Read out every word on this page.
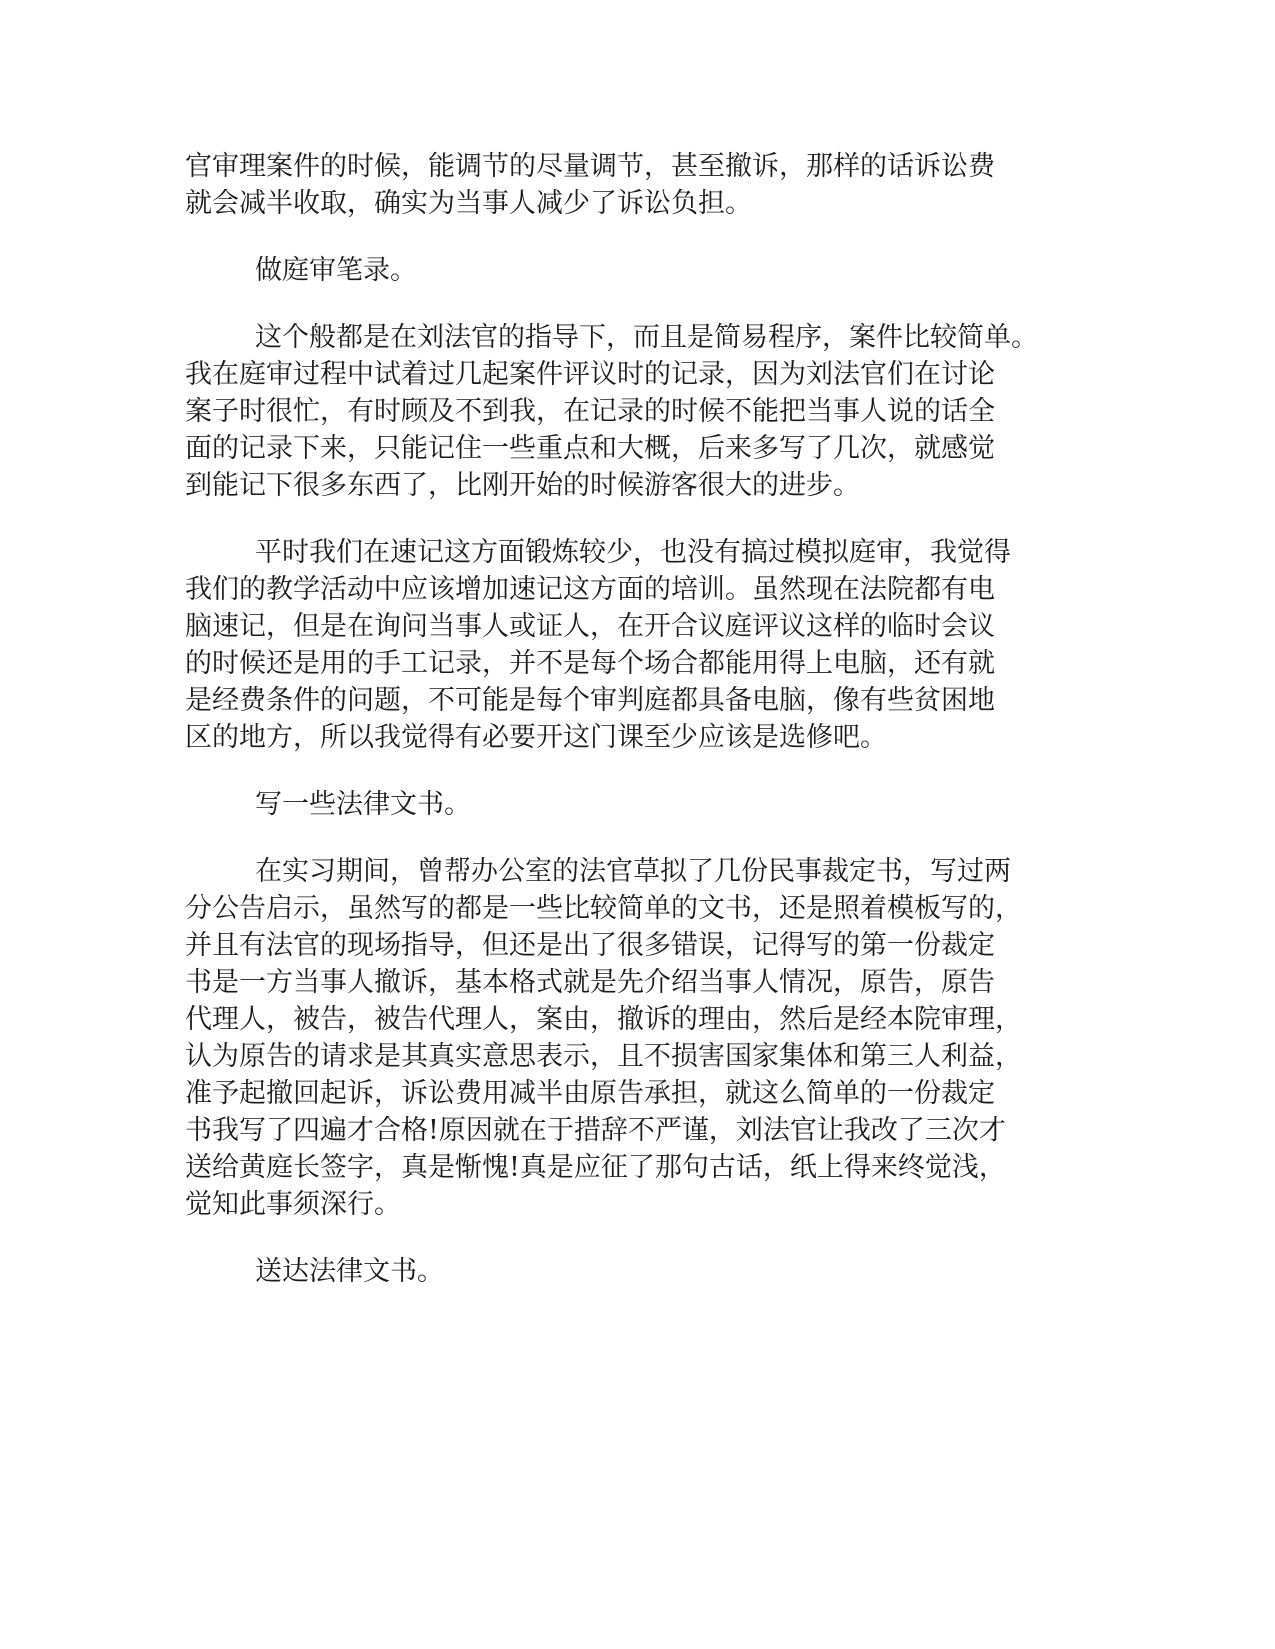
官审理案件的时候，能调节的尽量调节，甚至撤诉，那样的话诉讼费
就会减半收取，确实为当事人减少了诉讼负担。

做庭审笔录。

这个般都是在刘法官的指导下，而且是简易程序，案件比较简单。
我在庭审过程中试着过几起案件评议时的记录，因为刘法官们在讨论
案子时很忙，有时顾及不到我，在记录的时候不能把当事人说的话全
面的记录下来，只能记住一些重点和大概，后来多写了几次，就感觉
到能记下很多东西了，比刚开始的时候游客很大的进步。

平时我们在速记这方面锻炼较少，也没有搞过模拟庭审，我觉得
我们的教学活动中应该增加速记这方面的培训。虽然现在法院都有电
脑速记，但是在询问当事人或证人，在开合议庭评议这样的临时会议
的时候还是用的手工记录，并不是每个场合都能用得上电脑，还有就
是经费条件的问题，不可能是每个审判庭都具备电脑，像有些贫困地
区的地方，所以我觉得有必要开这门课至少应该是选修吧。

写一些法律文书。

在实习期间，曾帮办公室的法官草拟了几份民事裁定书，写过两
分公告启示，虽然写的都是一些比较简单的文书，还是照着模板写的，
并且有法官的现场指导，但还是出了很多错误，记得写的第一份裁定
书是一方当事人撤诉，基本格式就是先介绍当事人情况，原告，原告
代理人，被告，被告代理人，案由，撤诉的理由，然后是经本院审理，
认为原告的请求是其真实意思表示，且不损害国家集体和第三人利益，
准予起撤回起诉，诉讼费用减半由原告承担，就这么简单的一份裁定
书我写了四遍才合格!原因就在于措辞不严谨，刘法官让我改了三次才
送给黄庭长签字，真是惭愧!真是应征了那句古话，纸上得来终觉浅，
觉知此事须深行。

送达法律文书。
